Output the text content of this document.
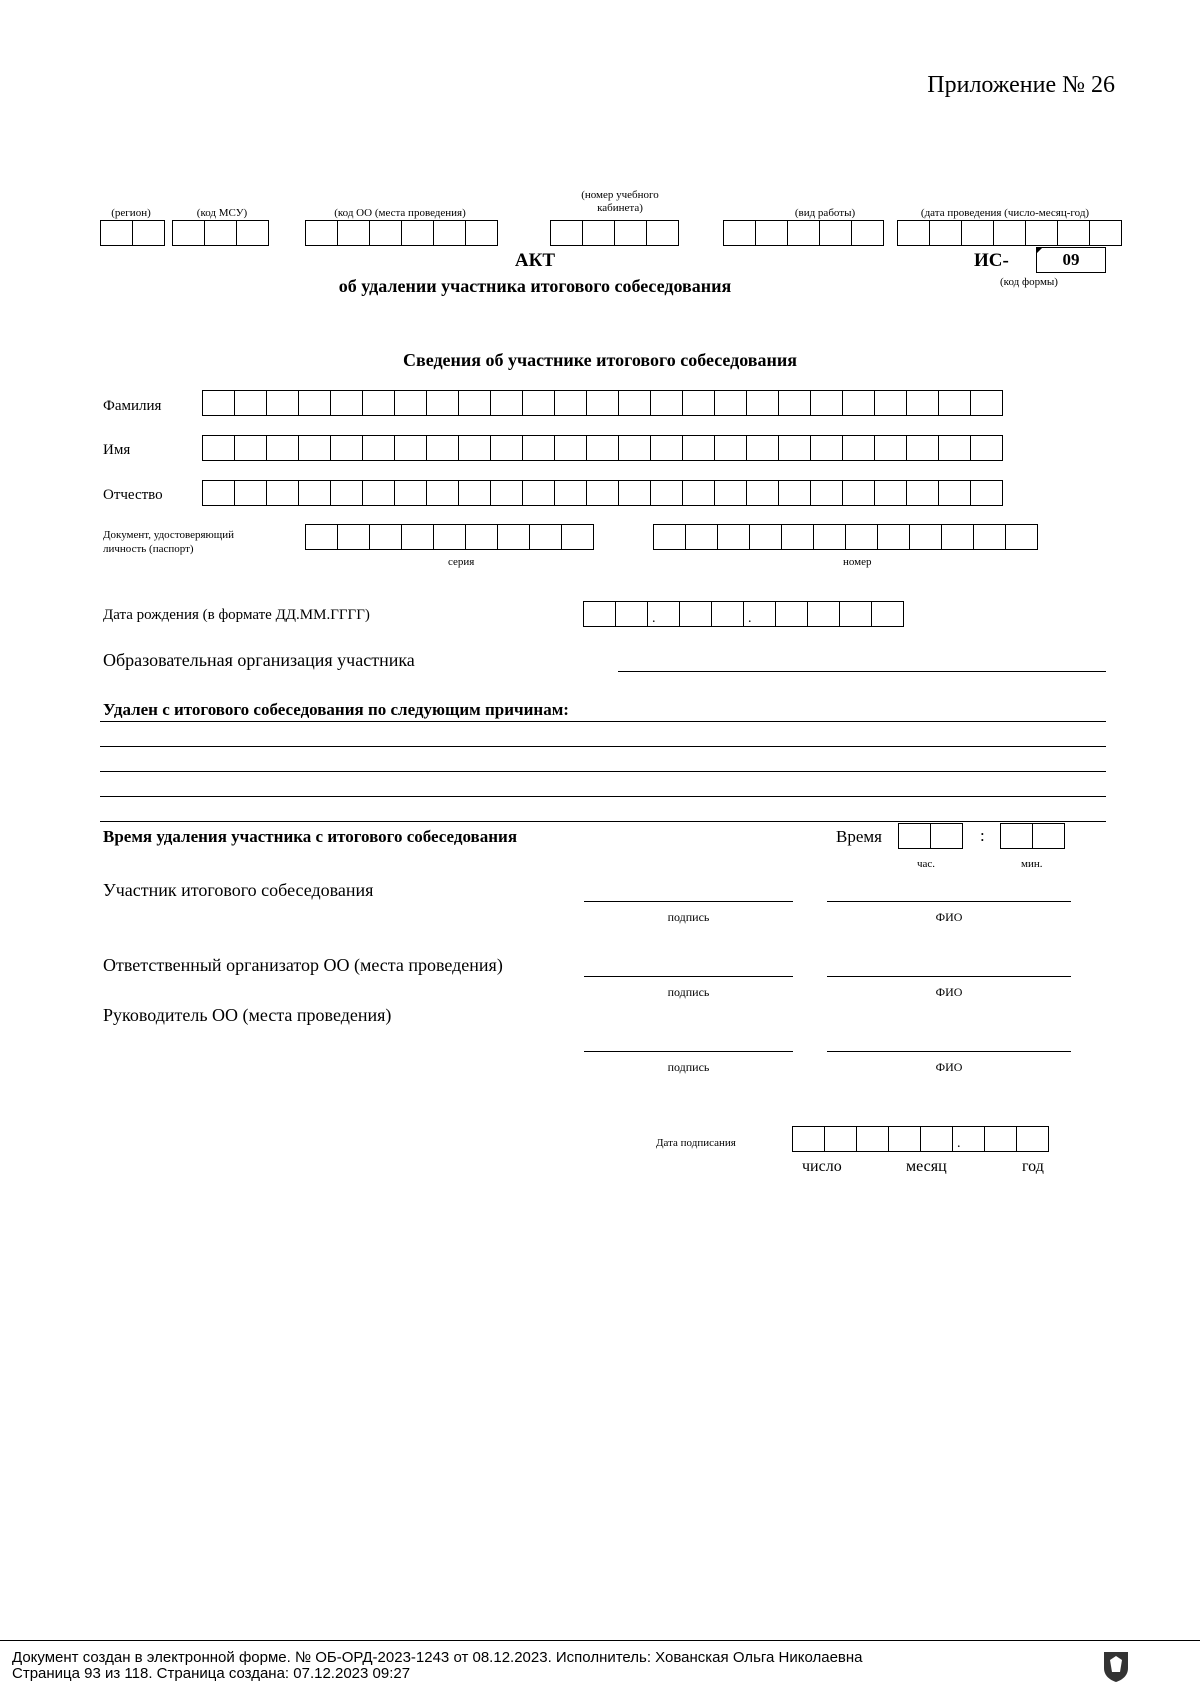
Приложение № 26
(регион)	(код МСУ)	(код ОО (места проведения)
(номер учебного кабинета)	(вид работы)	(дата проведения (число-месяц-год)
АКТ
об удалении участника итогового собеседования
ИС-	09
(код формы)
Сведения об участнике итогового собеседования
Фамилия
Имя
Отчество
Документ, удостоверяющий личность (паспорт)
серия	номер
Дата рождения (в формате ДД.ММ.ГГГГ)	.	.
Образовательная организация участника
Удален с итогового собеседования по следующим причинам:
Время удаления участника с итогового собеседования	Время	:
час.	мин.
Участник итогового собеседования
подпись	ФИО
Ответственный организатор ОО (места проведения)
подпись	ФИО
Руководитель ОО (места проведения)
подпись	ФИО
Дата подписания	.
число	месяц	год
Документ создан в электронной форме. № ОБ-ОРД-2023-1243 от 08.12.2023. Исполнитель: Хованская Ольга Николаевна
Страница 93 из 118. Страница создана: 07.12.2023 09:27
